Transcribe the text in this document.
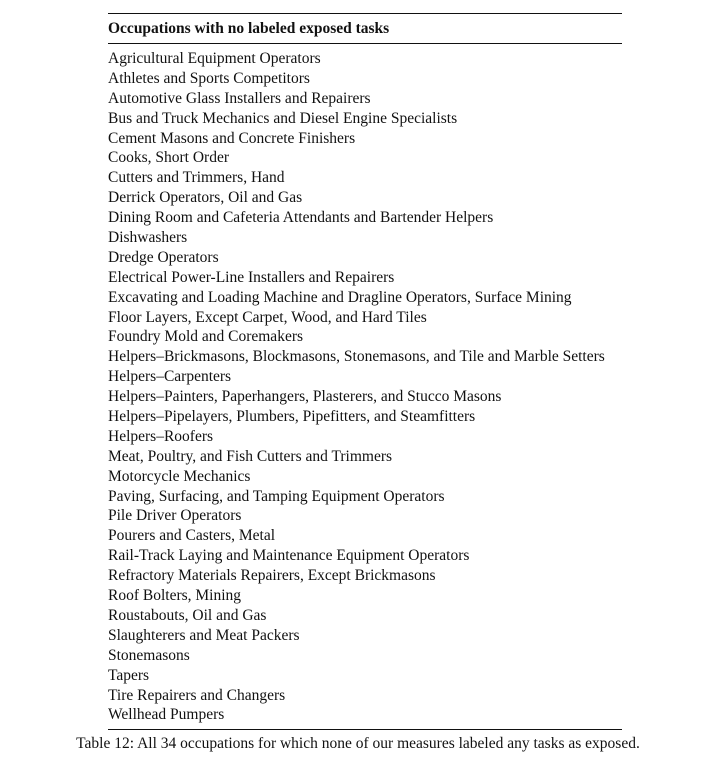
Occupations with no labeled exposed tasks
Agricultural Equipment Operators
Athletes and Sports Competitors
Automotive Glass Installers and Repairers
Bus and Truck Mechanics and Diesel Engine Specialists
Cement Masons and Concrete Finishers
Cooks, Short Order
Cutters and Trimmers, Hand
Derrick Operators, Oil and Gas
Dining Room and Cafeteria Attendants and Bartender Helpers
Dishwashers
Dredge Operators
Electrical Power-Line Installers and Repairers
Excavating and Loading Machine and Dragline Operators, Surface Mining
Floor Layers, Except Carpet, Wood, and Hard Tiles
Foundry Mold and Coremakers
Helpers–Brickmasons, Blockmasons, Stonemasons, and Tile and Marble Setters
Helpers–Carpenters
Helpers–Painters, Paperhangers, Plasterers, and Stucco Masons
Helpers–Pipelayers, Plumbers, Pipefitters, and Steamfitters
Helpers–Roofers
Meat, Poultry, and Fish Cutters and Trimmers
Motorcycle Mechanics
Paving, Surfacing, and Tamping Equipment Operators
Pile Driver Operators
Pourers and Casters, Metal
Rail-Track Laying and Maintenance Equipment Operators
Refractory Materials Repairers, Except Brickmasons
Roof Bolters, Mining
Roustabouts, Oil and Gas
Slaughterers and Meat Packers
Stonemasons
Tapers
Tire Repairers and Changers
Wellhead Pumpers
Table 12: All 34 occupations for which none of our measures labeled any tasks as exposed.
